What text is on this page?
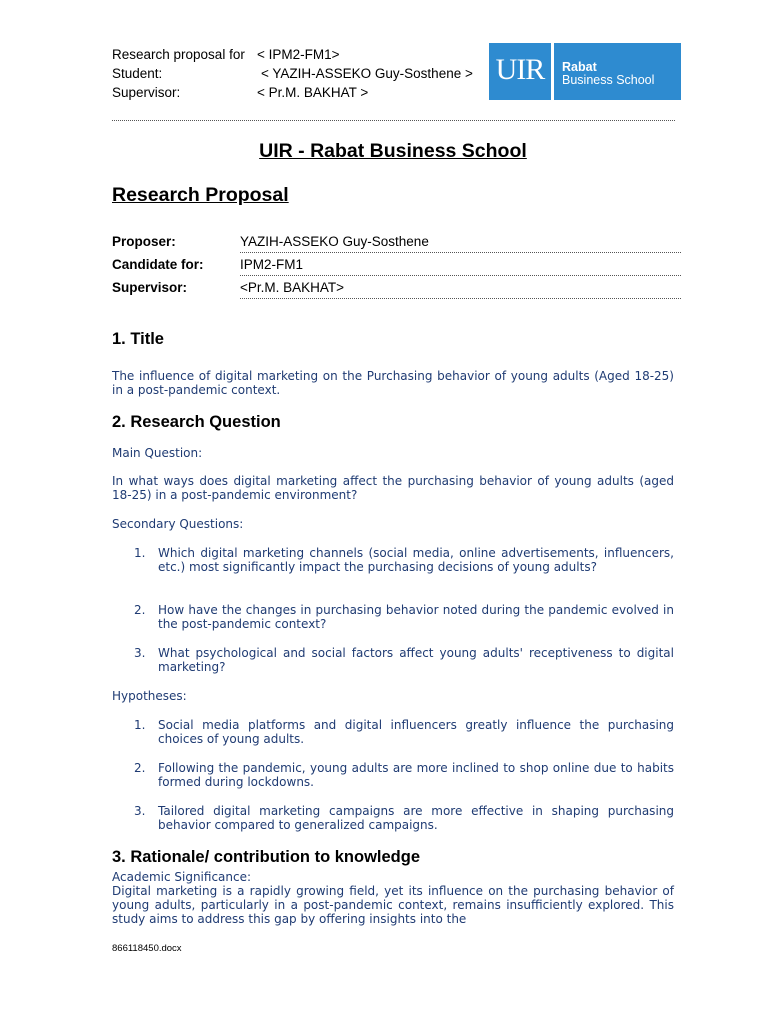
Research proposal for < IPM2-FM1>
Student:	< YAZIH-ASSEKO Guy-Sosthene >
Supervisor:	< Pr.M. BAKHAT >
UIR Rabat
Business School
UIR - Rabat Business School
Research Proposal
Proposer:	YAZIH-ASSEKO Guy-Sosthene
Candidate for:	IPM2-FM1
Supervisor:	<Pr.M. BAKHAT>
1. Title
The influence of digital marketing on the Purchasing behavior of young adults (Aged 18-25) in a post-pandemic context.
2. Research Question
Main Question:
In what ways does digital marketing affect the purchasing behavior of young adults (aged 18-25) in a post-pandemic environment?
Secondary Questions:
1. Which digital marketing channels (social media, online advertisements, influencers, etc.) most significantly impact the purchasing decisions of young adults?
2. How have the changes in purchasing behavior noted during the pandemic evolved in the post-pandemic context?
3. What psychological and social factors affect young adults' receptiveness to digital marketing?
Hypotheses:
1. Social media platforms and digital influencers greatly influence the purchasing choices of young adults.
2. Following the pandemic, young adults are more inclined to shop online due to habits formed during lockdowns.
3. Tailored digital marketing campaigns are more effective in shaping purchasing behavior compared to generalized campaigns.
3. Rationale/ contribution to knowledge
Academic Significance:
Digital marketing is a rapidly growing field, yet its influence on the purchasing behavior of young adults, particularly in a post-pandemic context, remains insufficiently explored. This study aims to address this gap by offering insights into the
866118450.docx
